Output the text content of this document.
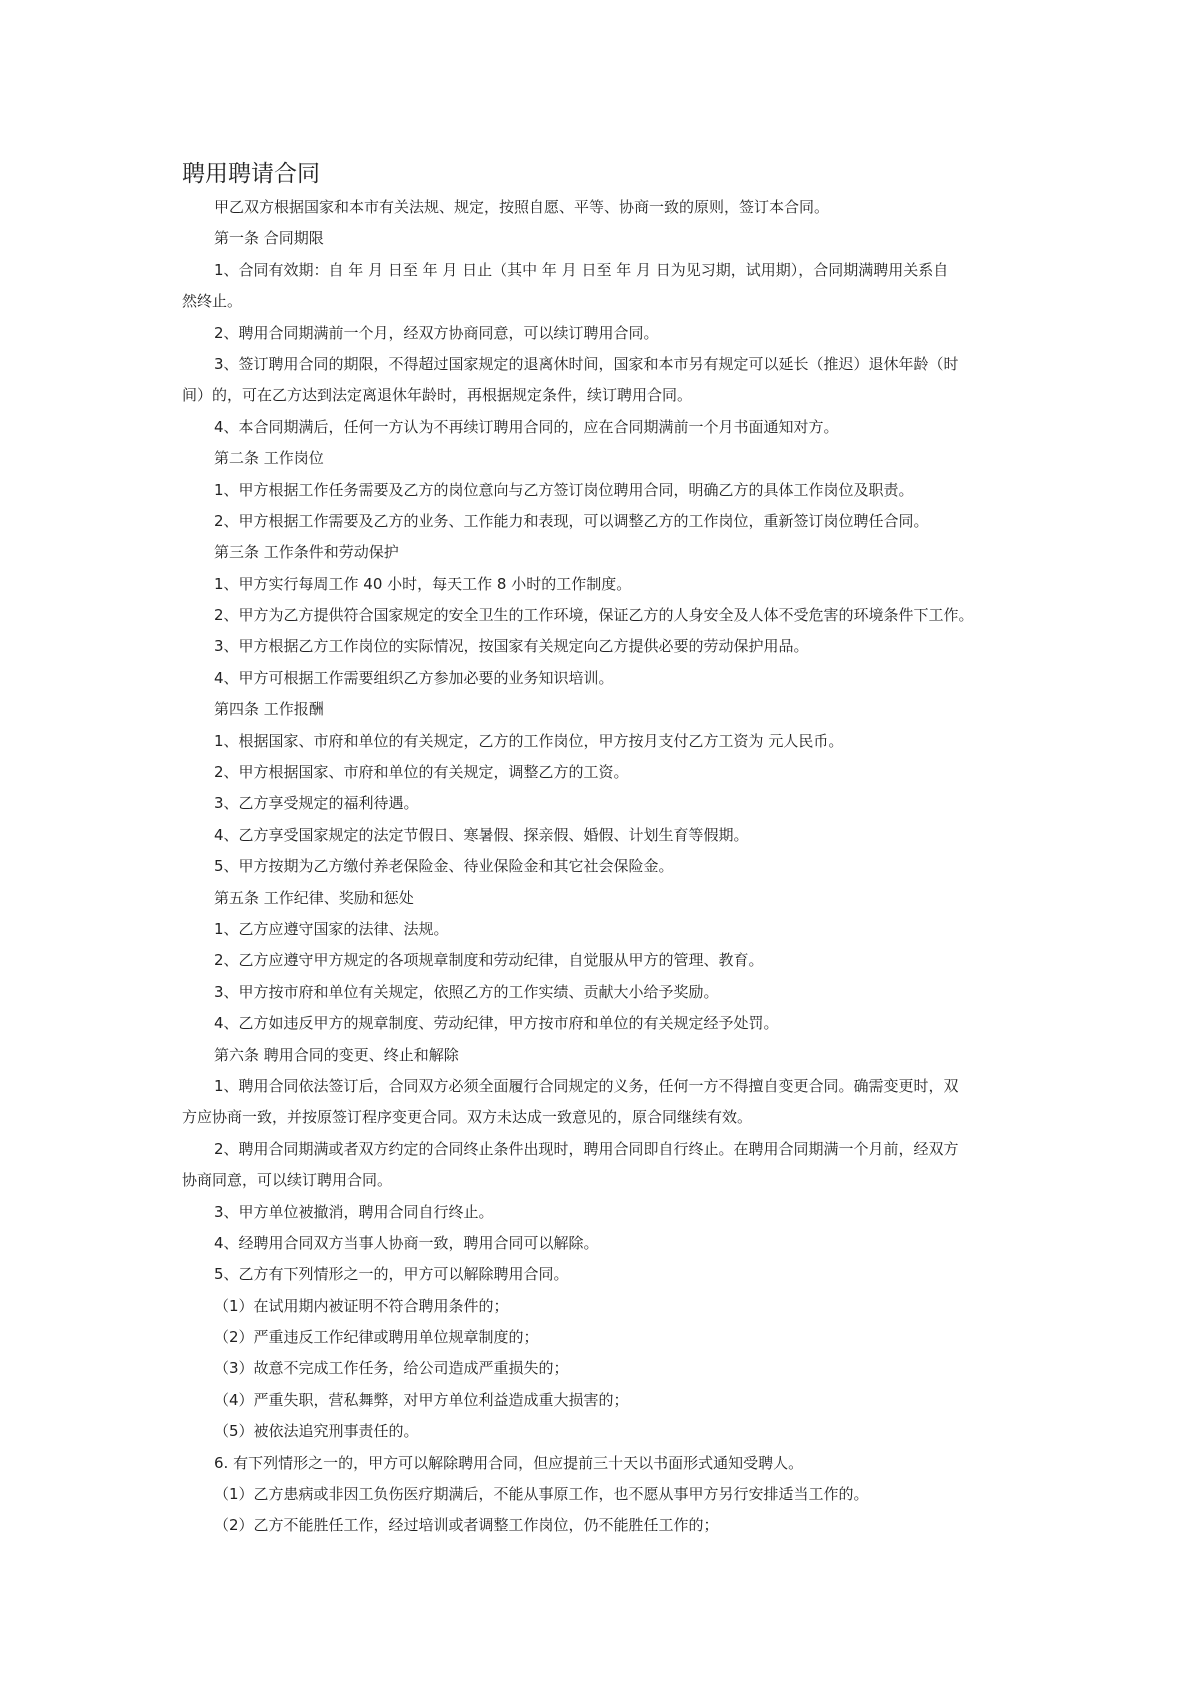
聘用聘请合同
甲乙双方根据国家和本市有关法规、规定，按照自愿、平等、协商一致的原则，签订本合同。
第一条 合同期限
1、合同有效期：自 年 月 日至 年 月 日止（其中 年 月 日至 年 月 日为见习期，试用期），合同期满聘用关系自
然终止。
2、聘用合同期满前一个月，经双方协商同意，可以续订聘用合同。
3、签订聘用合同的期限，不得超过国家规定的退离休时间，国家和本市另有规定可以延长（推迟）退休年龄（时
间）的，可在乙方达到法定离退休年龄时，再根据规定条件，续订聘用合同。
4、本合同期满后，任何一方认为不再续订聘用合同的，应在合同期满前一个月书面通知对方。
第二条 工作岗位
1、甲方根据工作任务需要及乙方的岗位意向与乙方签订岗位聘用合同，明确乙方的具体工作岗位及职责。
2、甲方根据工作需要及乙方的业务、工作能力和表现，可以调整乙方的工作岗位，重新签订岗位聘任合同。
第三条 工作条件和劳动保护
1、甲方实行每周工作 40 小时，每天工作 8 小时的工作制度。
2、甲方为乙方提供符合国家规定的安全卫生的工作环境，保证乙方的人身安全及人体不受危害的环境条件下工作。
3、甲方根据乙方工作岗位的实际情况，按国家有关规定向乙方提供必要的劳动保护用品。
4、甲方可根据工作需要组织乙方参加必要的业务知识培训。
第四条 工作报酬
1、根据国家、市府和单位的有关规定，乙方的工作岗位，甲方按月支付乙方工资为 元人民币。
2、甲方根据国家、市府和单位的有关规定，调整乙方的工资。
3、乙方享受规定的福利待遇。
4、乙方享受国家规定的法定节假日、寒暑假、探亲假、婚假、计划生育等假期。
5、甲方按期为乙方缴付养老保险金、待业保险金和其它社会保险金。
第五条 工作纪律、奖励和惩处
1、乙方应遵守国家的法律、法规。
2、乙方应遵守甲方规定的各项规章制度和劳动纪律，自觉服从甲方的管理、教育。
3、甲方按市府和单位有关规定，依照乙方的工作实绩、贡献大小给予奖励。
4、乙方如违反甲方的规章制度、劳动纪律，甲方按市府和单位的有关规定经予处罚。
第六条 聘用合同的变更、终止和解除
1、聘用合同依法签订后，合同双方必须全面履行合同规定的义务，任何一方不得擅自变更合同。确需变更时，双
方应协商一致，并按原签订程序变更合同。双方未达成一致意见的，原合同继续有效。
2、聘用合同期满或者双方约定的合同终止条件出现时，聘用合同即自行终止。在聘用合同期满一个月前，经双方
协商同意，可以续订聘用合同。
3、甲方单位被撤消，聘用合同自行终止。
4、经聘用合同双方当事人协商一致，聘用合同可以解除。
5、乙方有下列情形之一的，甲方可以解除聘用合同。
（1）在试用期内被证明不符合聘用条件的；
（2）严重违反工作纪律或聘用单位规章制度的；
（3）故意不完成工作任务，给公司造成严重损失的；
（4）严重失职，营私舞弊，对甲方单位利益造成重大损害的；
（5）被依法追究刑事责任的。
6. 有下列情形之一的，甲方可以解除聘用合同，但应提前三十天以书面形式通知受聘人。
（1）乙方患病或非因工负伤医疗期满后，不能从事原工作，也不愿从事甲方另行安排适当工作的。
（2）乙方不能胜任工作，经过培训或者调整工作岗位，仍不能胜任工作的；
